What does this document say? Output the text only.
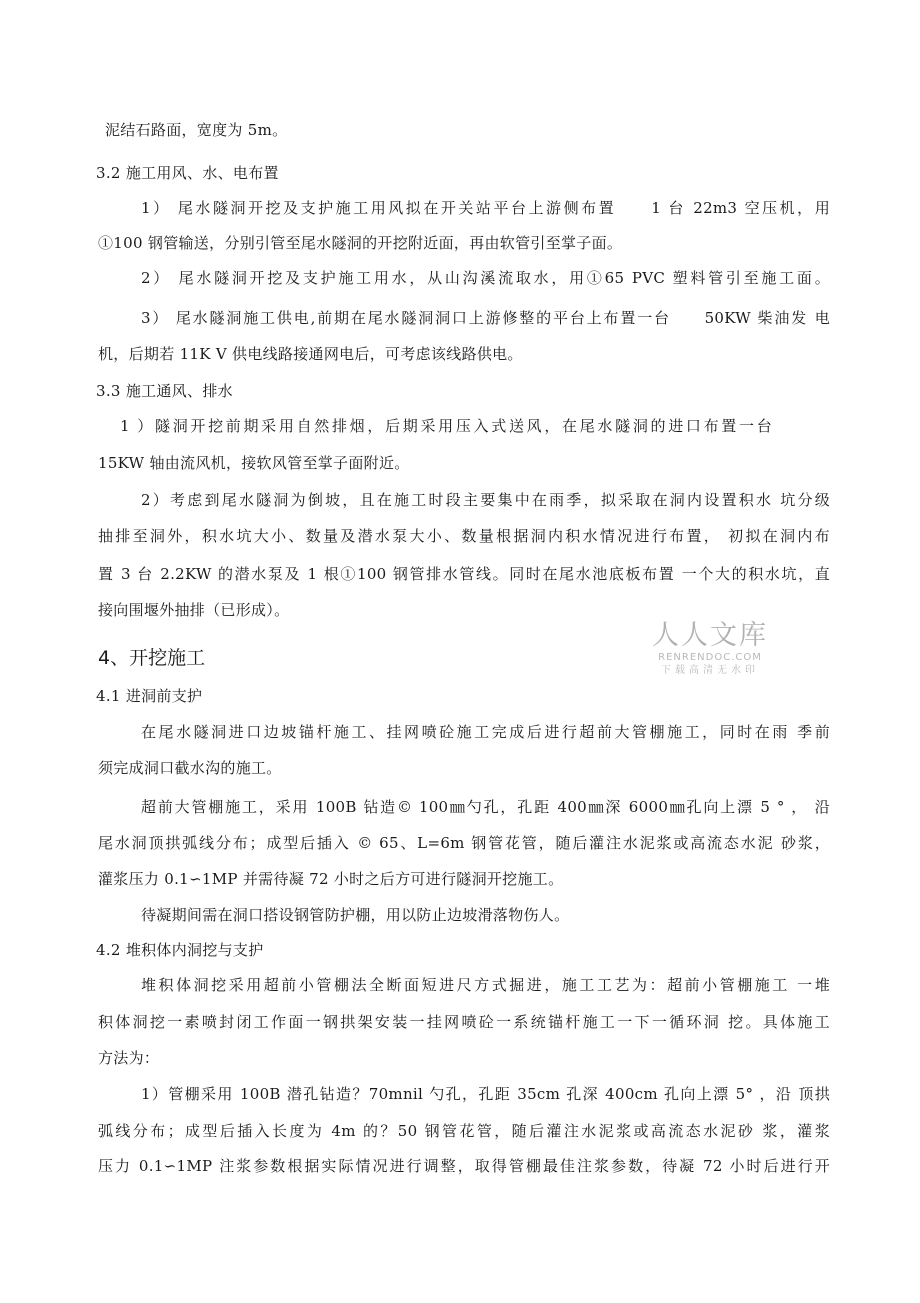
泥结石路面，宽度为 5m。
3.2 施工用风、水、电布置
1） 尾水隧洞开挖及支护施工用风拟在开关站平台上游侧布置　　1 台 22m3 空压机，用
①100 钢管输送，分别引管至尾水隧洞的开挖附近面，再由软管引至掌子面。
2） 尾水隧洞开挖及支护施工用水，从山沟溪流取水，用①65 PVC 塑料管引至施工面。
3） 尾水隧洞施工供电,前期在尾水隧洞洞口上游修整的平台上布置一台　　50KW 柴油发 电
机，后期若 11K V 供电线路接通网电后，可考虑该线路供电。
3.3 施工通风、排水
1 ）隧洞开挖前期采用自然排烟，后期采用压入式送风，在尾水隧洞的进口布置一台
15KW 轴由流风机，接软风管至掌子面附近。
2）考虑到尾水隧洞为倒坡，且在施工时段主要集中在雨季，拟采取在洞内设置积水 坑分级
抽排至洞外，积水坑大小、数量及潜水泵大小、数量根据洞内积水情况进行布置， 初拟在洞内布
置 3 台 2.2KW 的潜水泵及 1 根①100 钢管排水管线。同时在尾水池底板布置 一个大的积水坑，直
接向围堰外抽排（已形成）。
4、开挖施工
4.1 进洞前支护
在尾水隧洞进口边坡锚杆施工、挂网喷砼施工完成后进行超前大管棚施工，同时在雨 季前
须完成洞口截水沟的施工。
超前大管棚施工，采用 100B 钻造© 100㎜勺孔，孔距 400㎜深 6000㎜孔向上漂 5 ° ， 沿
尾水洞顶拱弧线分布；成型后插入 © 65、L=6m 钢管花管，随后灌注水泥浆或高流态水泥 砂浆，
灌浆压力 0.1∽1MP 并需待凝 72 小时之后方可进行隧洞开挖施工。
待凝期间需在洞口搭设钢管防护棚，用以防止边坡滑落物伤人。
4.2 堆积体内洞挖与支护
堆积体洞挖采用超前小管棚法全断面短进尺方式掘进，施工工艺为：超前小管棚施工 一堆
积体洞挖一素喷封闭工作面一钢拱架安装一挂网喷砼一系统锚杆施工一下一循环洞 挖。具体施工
方法为：
1）管棚采用 100B 潜孔钻造？70mnil 勺孔，孔距 35cm 孔深 400cm 孔向上漂 5° ，沿 顶拱
弧线分布；成型后插入长度为 4m 的？50 钢管花管，随后灌注水泥浆或高流态水泥砂 浆，灌浆
压力 0.1∽1MP 注浆参数根据实际情况进行调整，取得管棚最佳注浆参数，待凝 72 小时后进行开
人人文库
RENRENDOC.COM
下载高清无水印
